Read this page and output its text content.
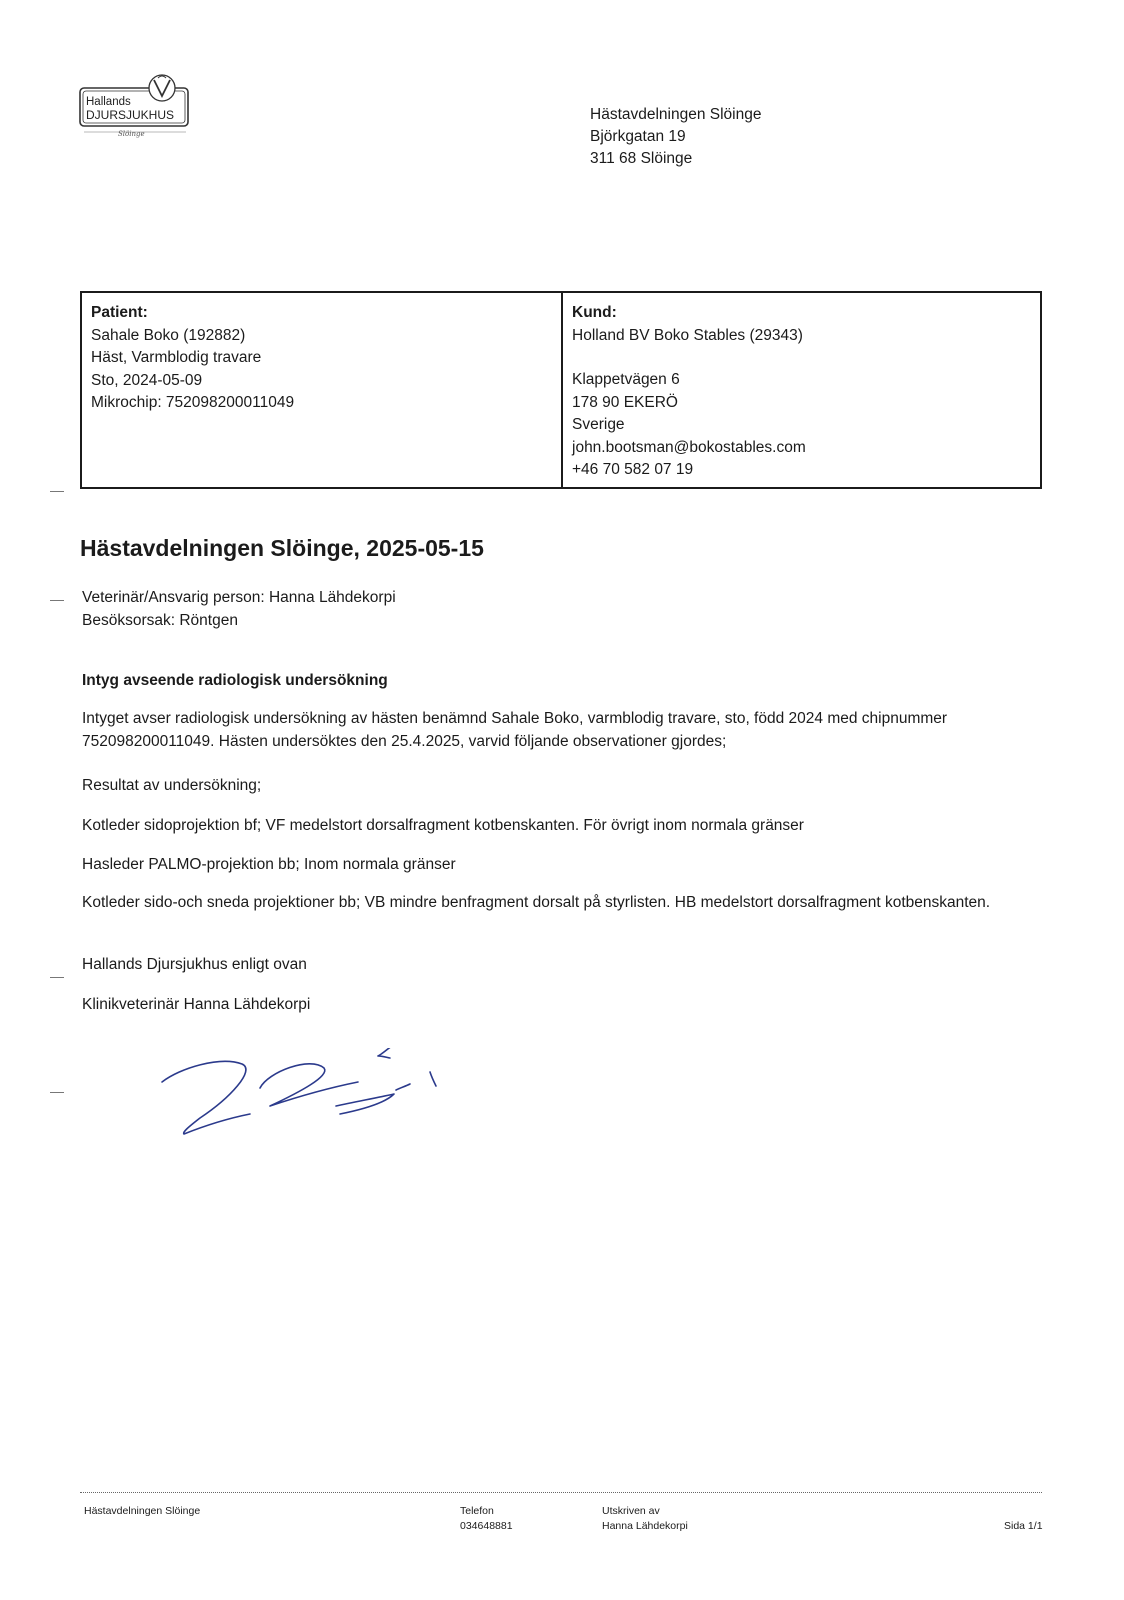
Hallands
DJURSJUKHUS
Slöinge
Hästavdelningen Slöinge
Björkgatan 19
311 68 Slöinge
Patient:
Sahale Boko (192882)
Häst, Varmblodig travare
Sto, 2024-05-09
Mikrochip: 752098200011049
Kund:
Holland BV Boko Stables (29343)
Klappetvägen 6
178 90 EKERÖ
Sverige
john.bootsman@bokostables.com
+46 70 582 07 19
Hästavdelningen Slöinge, 2025-05-15
Veterinär/Ansvarig person: Hanna Lähdekorpi
Besöksorsak: Röntgen
Intyg avseende radiologisk undersökning
Intyget avser radiologisk undersökning av hästen benämnd Sahale Boko, varmblodig travare, sto, född 2024 med chipnummer 752098200011049. Hästen undersöktes den 25.4.2025, varvid följande observationer gjordes;
Resultat av undersökning;
Kotleder sidoprojektion bf; VF medelstort dorsalfragment kotbenskanten. För övrigt inom normala gränser
Hasleder PALMO-projektion bb; Inom normala gränser
Kotleder sido-och sneda projektioner bb; VB mindre benfragment dorsalt på styrlisten. HB medelstort dorsalfragment kotbenskanten.
Hallands Djursjukhus enligt ovan
Klinikveterinär Hanna Lähdekorpi
Hästavdelningen Slöinge	Telefon
034648881
Utskriven av
Hanna Lähdekorpi	Sida 1/1
